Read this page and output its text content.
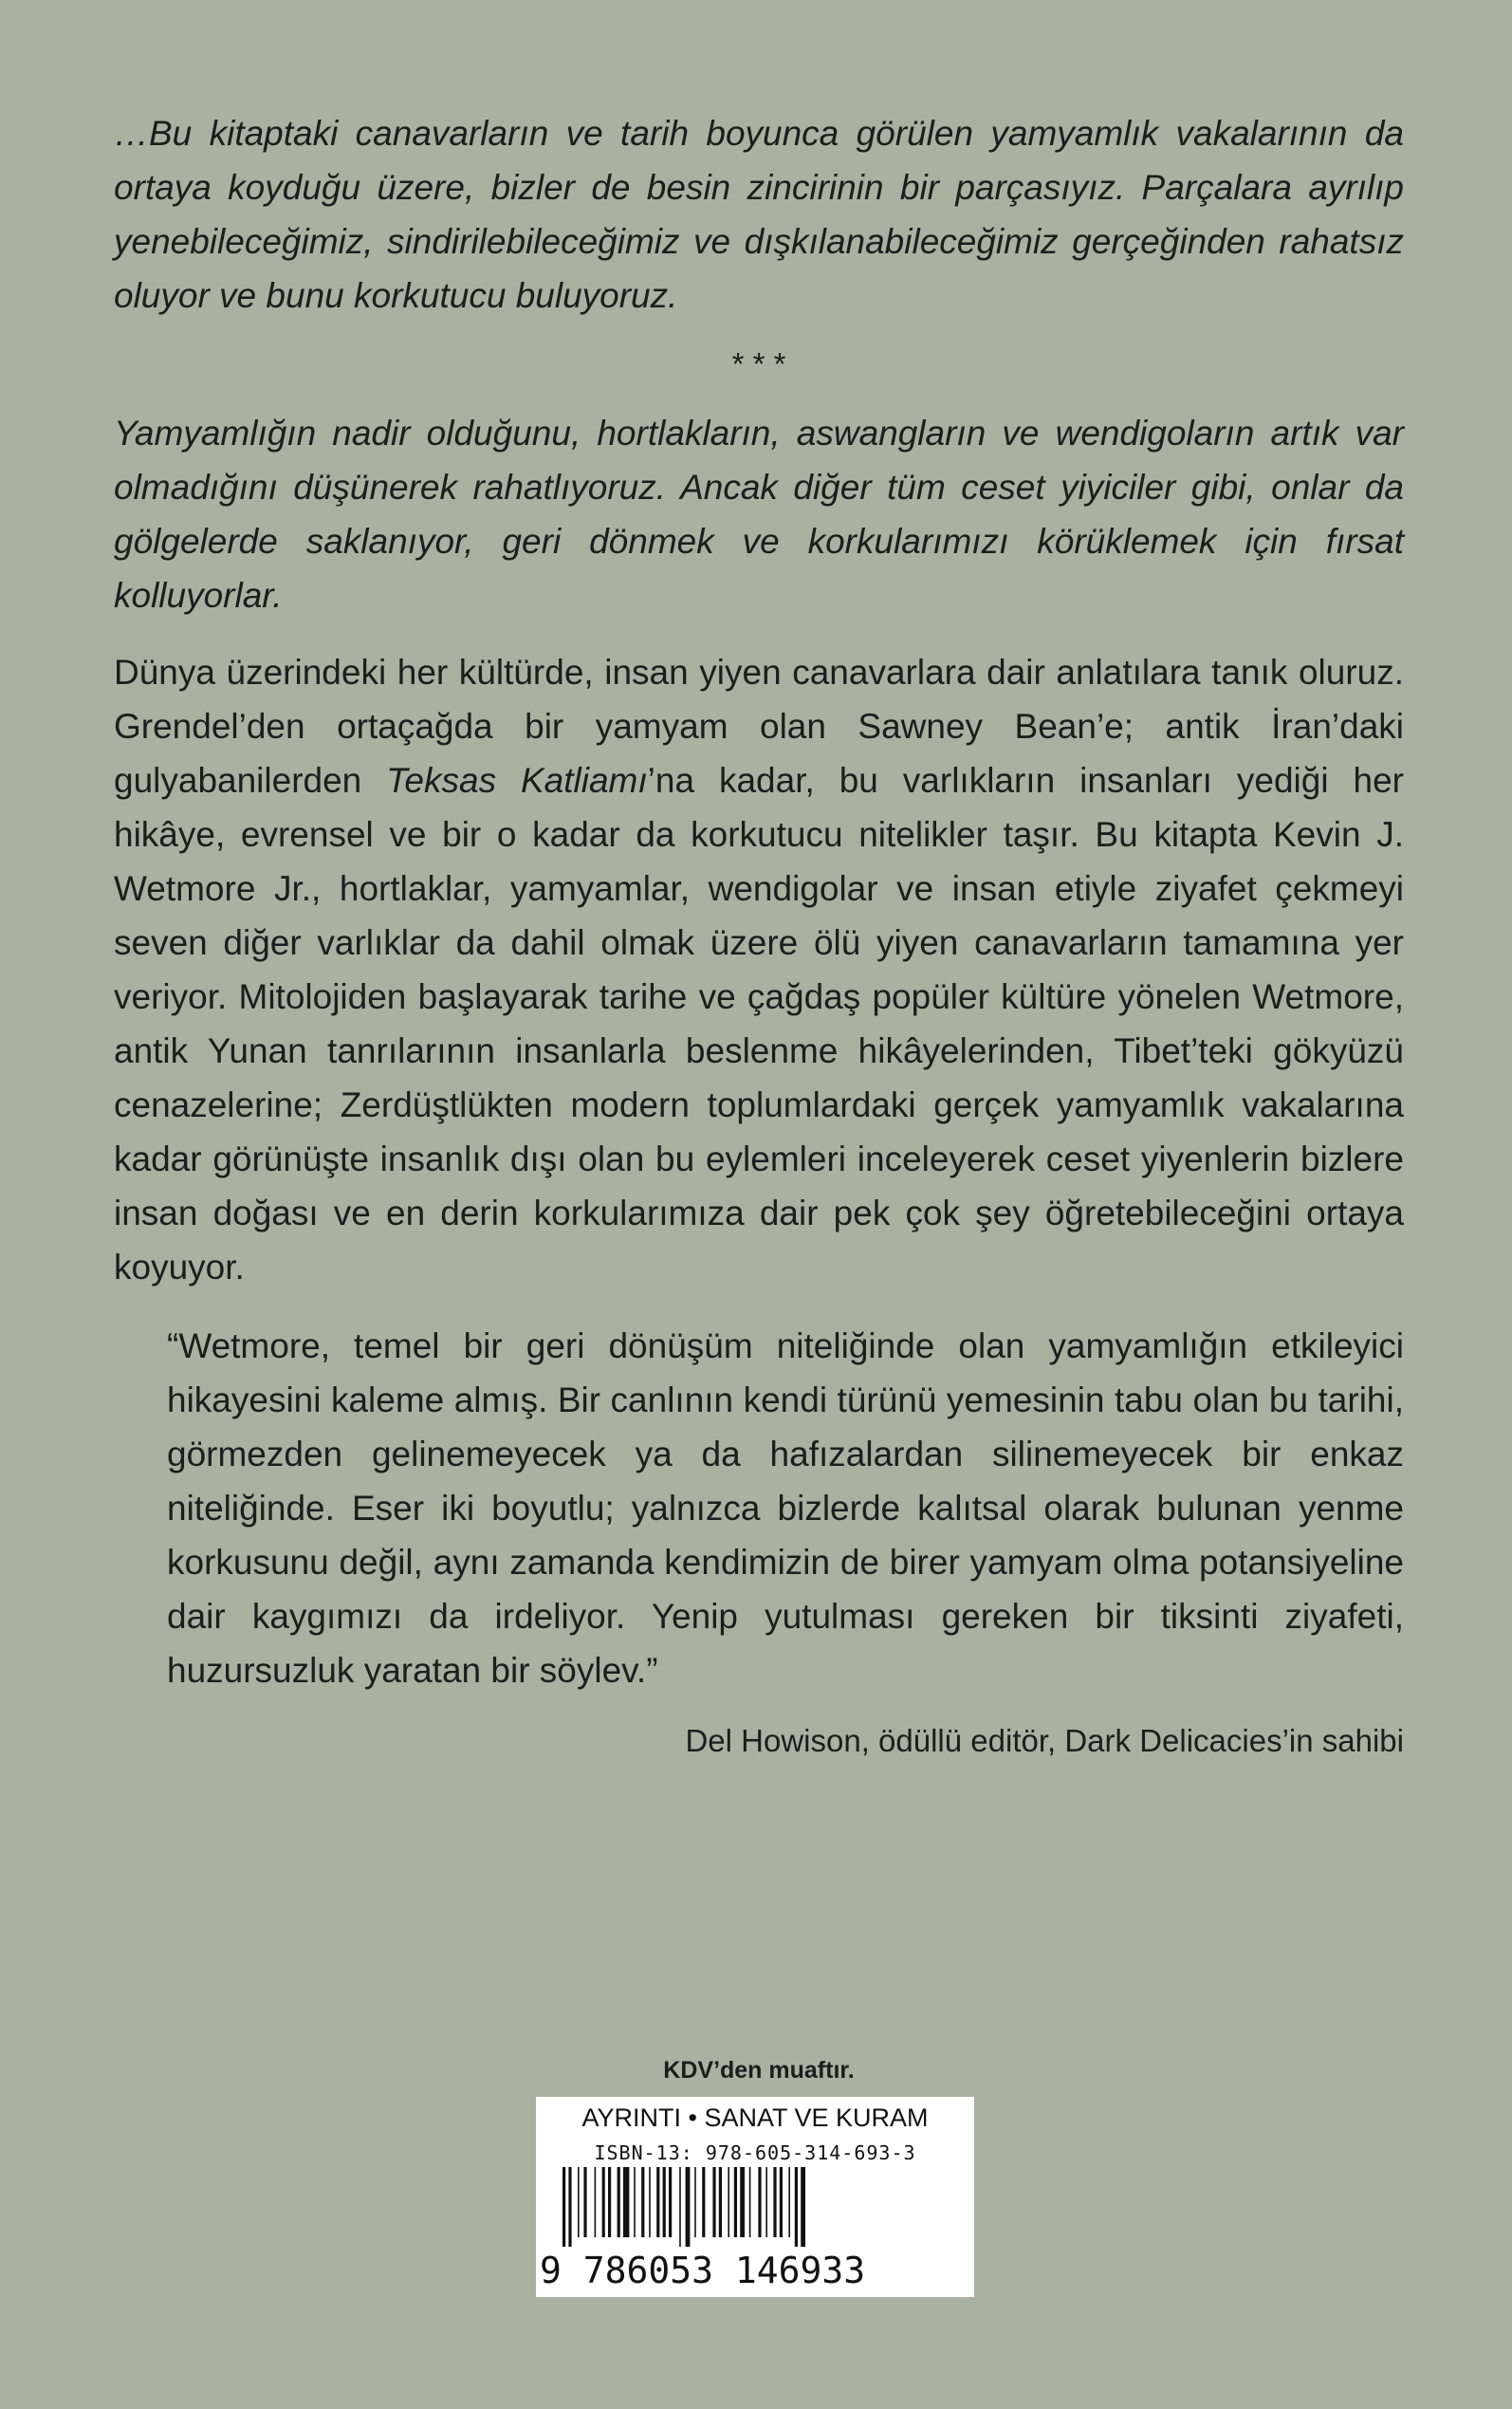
…Bu kitaptaki canavarların ve tarih boyunca görülen yamyamlık vakalarının da ortaya koyduğu üzere, bizler de besin zincirinin bir parçasıyız. Parçalara ayrılıp yenebileceğimiz, sindirilebileceğimiz ve dışkılanabileceğimiz gerçeğinden rahatsız oluyor ve bunu korkutucu buluyoruz.

* * *

Yamyamlığın nadir olduğunu, hortlakların, aswangların ve wendigoların artık var olmadığını düşünerek rahatlıyoruz. Ancak diğer tüm ceset yiyiciler gibi, onlar da gölgelerde saklanıyor, geri dönmek ve korkularımızı körüklemek için fırsat kolluyorlar.

Dünya üzerindeki her kültürde, insan yiyen canavarlara dair anlatılara tanık oluruz. Grendel’den ortaçağda bir yamyam olan Sawney Bean’e; antik İran’daki gulyabanilerden Teksas Katliamı’na kadar, bu varlıkların insanları yediği her hikâye, evrensel ve bir o kadar da korkutucu nitelikler taşır. Bu kitapta Kevin J. Wetmore Jr., hortlaklar, yamyamlar, wendigolar ve insan etiyle ziyafet çekmeyi seven diğer varlıklar da dahil olmak üzere ölü yiyen canavarların tamamına yer veriyor. Mitolojiden başlayarak tarihe ve çağdaş popüler kültüre yönelen Wetmore, antik Yunan tanrılarının insanlarla beslenme hikâyelerinden, Tibet’teki gökyüzü cenazelerine; Zerdüştlükten modern toplumlardaki gerçek yamyamlık vakalarına kadar görünüşte insanlık dışı olan bu eylemleri inceleyerek ceset yiyenlerin bizlere insan doğası ve en derin korkularımıza dair pek çok şey öğretebileceğini ortaya koyuyor.

“Wetmore, temel bir geri dönüşüm niteliğinde olan yamyamlığın etkileyici hikayesini kaleme almış. Bir canlının kendi türünü yemesinin tabu olan bu tarihi, görmezden gelinemeyecek ya da hafızalardan silinemeyecek bir enkaz niteliğinde. Eser iki boyutlu; yalnızca bizlerde kalıtsal olarak bulunan yenme korkusunu değil, aynı zamanda kendimizin de birer yamyam olma potansiyeline dair kaygımızı da irdeliyor. Yenip yutulması gereken bir tiksinti ziyafeti, huzursuzluk yaratan bir söylev.”

Del Howison, ödüllü editör, Dark Delicacies’in sahibi

KDV’den muaftır.

AYRINTI • SANAT VE KURAM
ISBN-13: 978-605-314-693-3
9 786053 146933
